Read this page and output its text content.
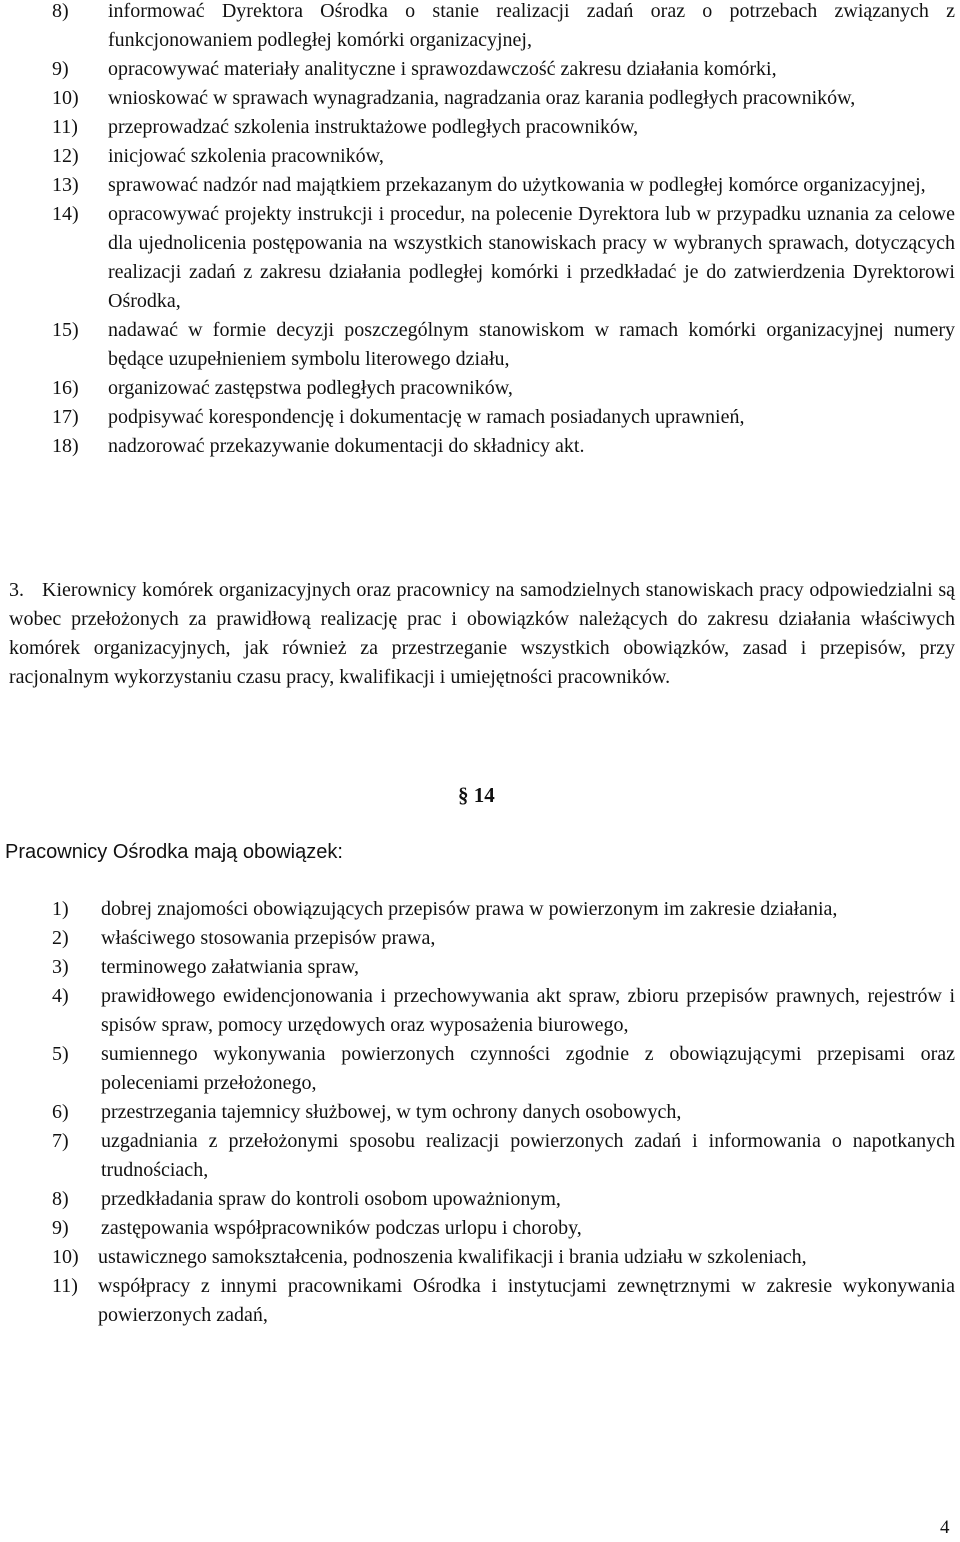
8)	informować Dyrektora Ośrodka o stanie realizacji zadań oraz o potrzebach związanych z funkcjonowaniem podległej komórki organizacyjnej,
9)	opracowywać materiały analityczne i sprawozdawczość zakresu działania komórki,
10)	wnioskować w sprawach wynagradzania, nagradzania oraz karania podległych pracowników,
11)	przeprowadzać szkolenia instruktażowe podległych pracowników,
12)	inicjować szkolenia pracowników,
13)	sprawować nadzór nad majątkiem przekazanym do użytkowania w podległej komórce organizacyjnej,
14)	opracowywać projekty instrukcji i procedur, na polecenie Dyrektora lub w przypadku uznania za celowe dla ujednolicenia postępowania na wszystkich stanowiskach pracy w wybranych sprawach, dotyczących realizacji zadań z zakresu działania podległej komórki i przedkładać je do zatwierdzenia Dyrektorowi Ośrodka,
15)	nadawać w formie decyzji poszczególnym stanowiskom w ramach komórki organizacyjnej numery będące uzupełnieniem symbolu literowego działu,
16)	organizować zastępstwa podległych pracowników,
17)	podpisywać korespondencję i dokumentację w ramach posiadanych uprawnień,
18)	nadzorować przekazywanie dokumentacji do składnicy akt.

3. Kierownicy komórek organizacyjnych oraz pracownicy na samodzielnych stanowiskach pracy odpowiedzialni są wobec przełożonych za prawidłową realizację prac i obowiązków należących do zakresu działania właściwych komórek organizacyjnych, jak również za przestrzeganie wszystkich obowiązków, zasad i przepisów, przy racjonalnym wykorzystaniu czasu pracy, kwalifikacji i umiejętności pracowników.

§ 14
Pracownicy Ośrodka mają obowiązek:
1)	dobrej znajomości obowiązujących przepisów prawa w powierzonym im zakresie działania,
2)	właściwego stosowania przepisów prawa,
3)	terminowego załatwiania spraw,
4)	prawidłowego ewidencjonowania i przechowywania akt spraw, zbioru przepisów prawnych, rejestrów i spisów spraw, pomocy urzędowych oraz wyposażenia biurowego,
5)	sumiennego wykonywania powierzonych czynności zgodnie z obowiązującymi przepisami oraz poleceniami przełożonego,
6)	przestrzegania tajemnicy służbowej, w tym ochrony danych osobowych,
7)	uzgadniania z przełożonymi sposobu realizacji powierzonych zadań i informowania o napotkanych trudnościach,
8)	przedkładania spraw do kontroli osobom upoważnionym,
9)	zastępowania współpracowników podczas urlopu i choroby,
10) ustawicznego samokształcenia, podnoszenia kwalifikacji i brania udziału w szkoleniach,
11)	współpracy z innymi pracownikami Ośrodka i instytucjami zewnętrznymi w zakresie wykonywania powierzonych zadań,
4
